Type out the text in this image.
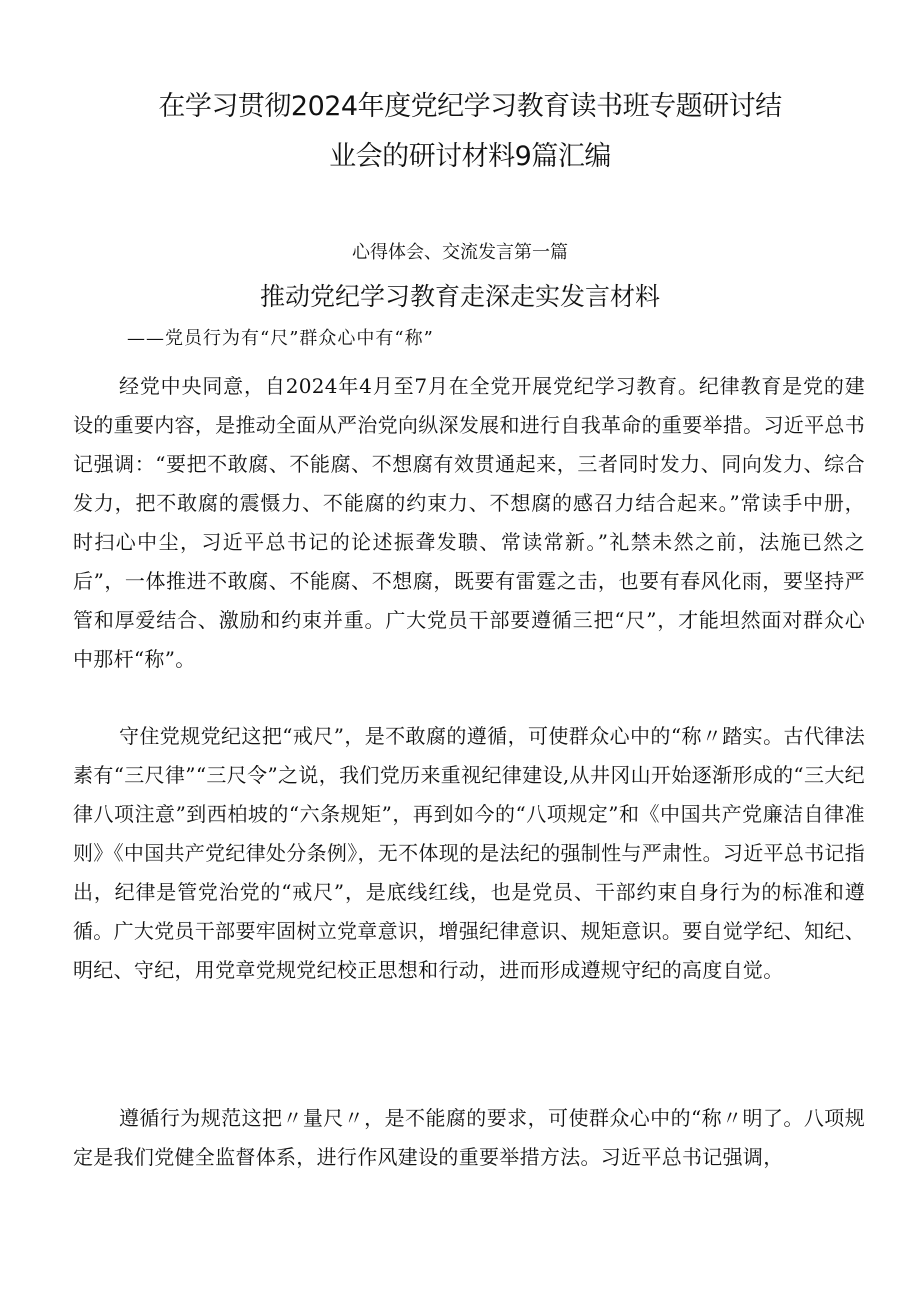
在学习贯彻2024年度党纪学习教育读书班专题研讨结
业会的研讨材料9篇汇编
心得体会、交流发言第一篇
推动党纪学习教育走深走实发言材料
——党员行为有“尺”群众心中有“称”

经党中央同意，自2024年4月至7月在全党开展党纪学习教育。纪律教育是党的建设的重要内容，是推动全面从严治党向纵深发展和进行自我革命的重要举措。习近平总书记强调：“要把不敢腐、不能腐、不想腐有效贯通起来，三者同时发力、同向发力、综合发力，把不敢腐的震慑力、不能腐的约束力、不想腐的感召力结合起来。”常读手中册，时扫心中尘，习近平总书记的论述振聋发聩、常读常新。”礼禁未然之前，法施已然之后”，一体推进不敢腐、不能腐、不想腐，既要有雷霆之击，也要有春风化雨，要坚持严管和厚爱结合、激励和约束并重。广大党员干部要遵循三把“尺”，才能坦然面对群众心中那杆“称”。

守住党规党纪这把“戒尺”，是不敢腐的遵循，可使群众心中的“称〃踏实。古代律法素有“三尺律”“三尺令”之说，我们党历来重视纪律建设,从井冈山开始逐渐形成的“三大纪律八项注意”到西柏坡的“六条规矩”，再到如今的“八项规定”和《中国共产党廉洁自律准则》《中国共产党纪律处分条例》，无不体现的是法纪的强制性与严肃性。习近平总书记指出，纪律是管党治党的“戒尺”，是底线红线，也是党员、干部约束自身行为的标准和遵循。广大党员干部要牢固树立党章意识，增强纪律意识、规矩意识。要自觉学纪、知纪、明纪、守纪，用党章党规党纪校正思想和行动，进而形成遵规守纪的高度自觉。

遵循行为规范这把〃量尺〃，是不能腐的要求，可使群众心中的“称〃明了。八项规定是我们党健全监督体系，进行作风建设的重要举措方法。习近平总书记强调，
